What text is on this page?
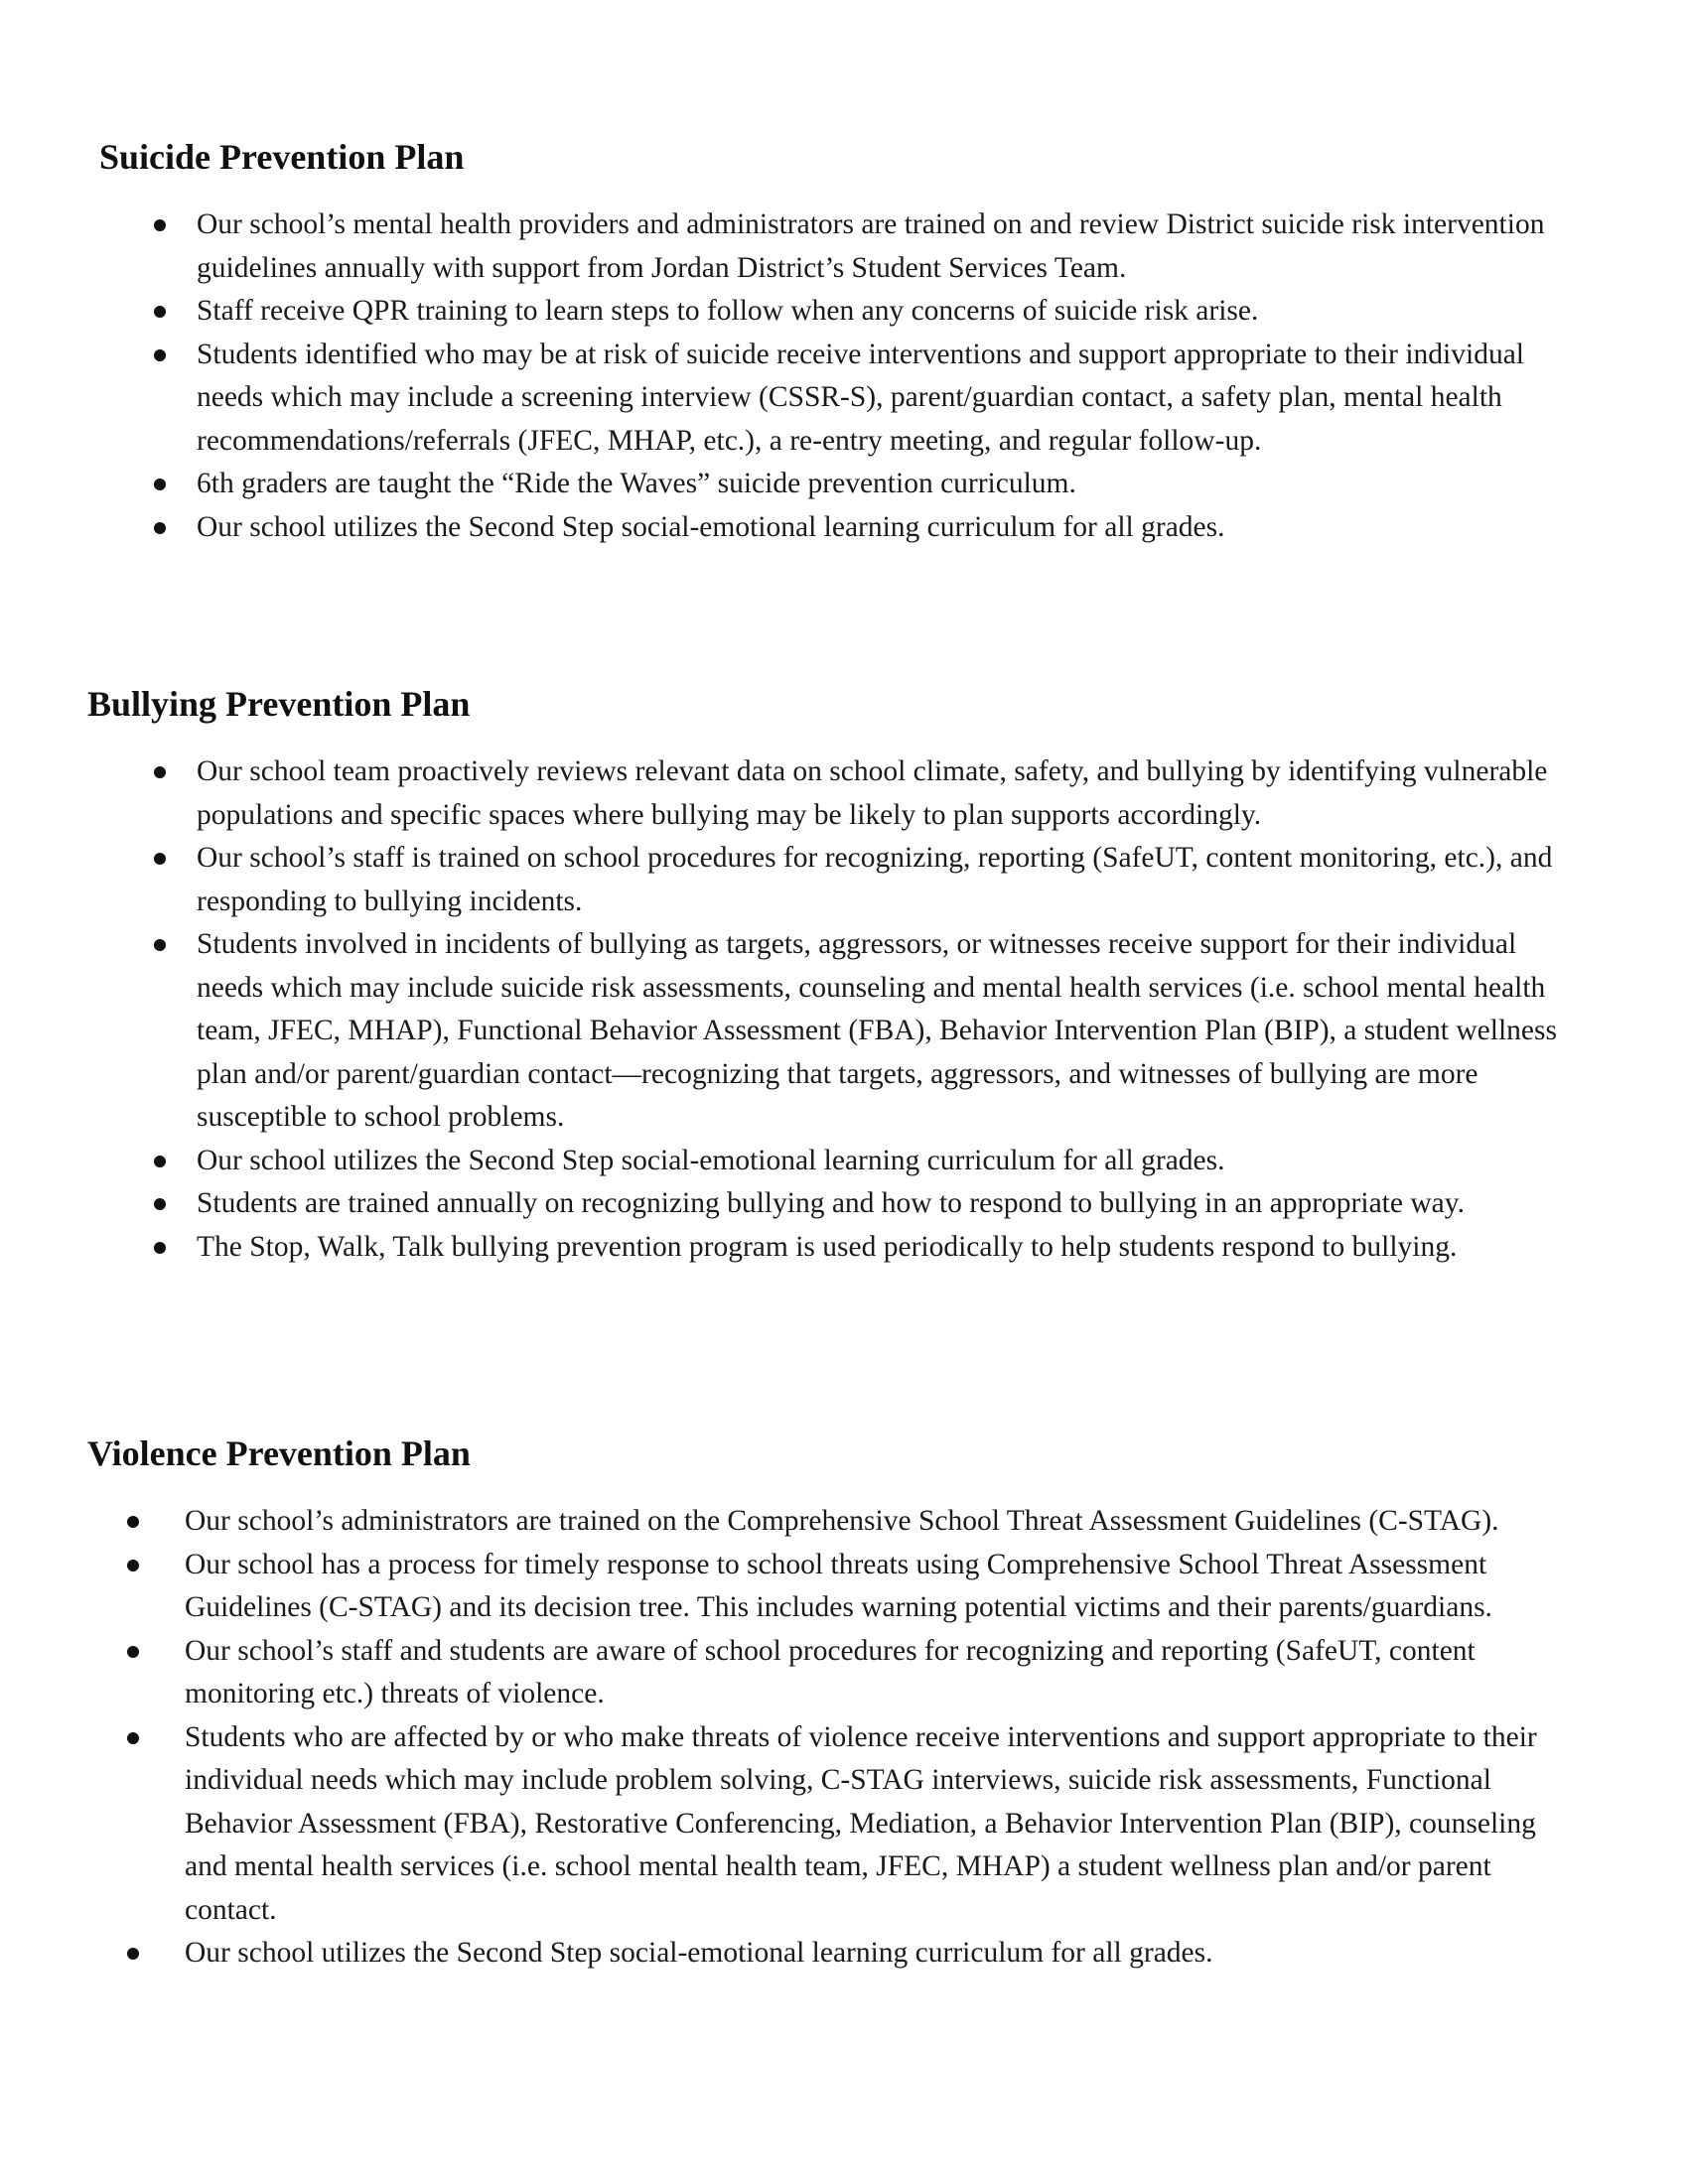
Suicide Prevention Plan
Our school’s mental health providers and administrators are trained on and review District suicide risk intervention guidelines annually with support from Jordan District’s Student Services Team.
Staff receive QPR training to learn steps to follow when any concerns of suicide risk arise.
Students identified who may be at risk of suicide receive interventions and support appropriate to their individual needs which may include a screening interview (CSSR-S), parent/guardian contact, a safety plan, mental health recommendations/referrals (JFEC, MHAP, etc.), a re-entry meeting, and regular follow-up.
6th graders are taught the “Ride the Waves” suicide prevention curriculum.
Our school utilizes the Second Step social-emotional learning curriculum for all grades.
Bullying Prevention Plan
Our school team proactively reviews relevant data on school climate, safety, and bullying by identifying vulnerable populations and specific spaces where bullying may be likely to plan supports accordingly.
Our school’s staff is trained on school procedures for recognizing, reporting (SafeUT, content monitoring, etc.), and responding to bullying incidents.
Students involved in incidents of bullying as targets, aggressors, or witnesses receive support for their individual needs which may include suicide risk assessments, counseling and mental health services (i.e. school mental health team, JFEC, MHAP), Functional Behavior Assessment (FBA), Behavior Intervention Plan (BIP), a student wellness plan and/or parent/guardian contact—recognizing that targets, aggressors, and witnesses of bullying are more susceptible to school problems.
Our school utilizes the Second Step social-emotional learning curriculum for all grades.
Students are trained annually on recognizing bullying and how to respond to bullying in an appropriate way.
The Stop, Walk, Talk bullying prevention program is used periodically to help students respond to bullying.
Violence Prevention Plan
Our school’s administrators are trained on the Comprehensive School Threat Assessment Guidelines (C-STAG).
Our school has a process for timely response to school threats using Comprehensive School Threat Assessment Guidelines (C-STAG) and its decision tree. This includes warning potential victims and their parents/guardians.
Our school’s staff and students are aware of school procedures for recognizing and reporting (SafeUT, content monitoring etc.) threats of violence.
Students who are affected by or who make threats of violence receive interventions and support appropriate to their individual needs which may include problem solving, C-STAG interviews, suicide risk assessments, Functional Behavior Assessment (FBA), Restorative Conferencing, Mediation, a Behavior Intervention Plan (BIP), counseling and mental health services (i.e. school mental health team, JFEC, MHAP) a student wellness plan and/or parent contact.
Our school utilizes the Second Step social-emotional learning curriculum for all grades.
